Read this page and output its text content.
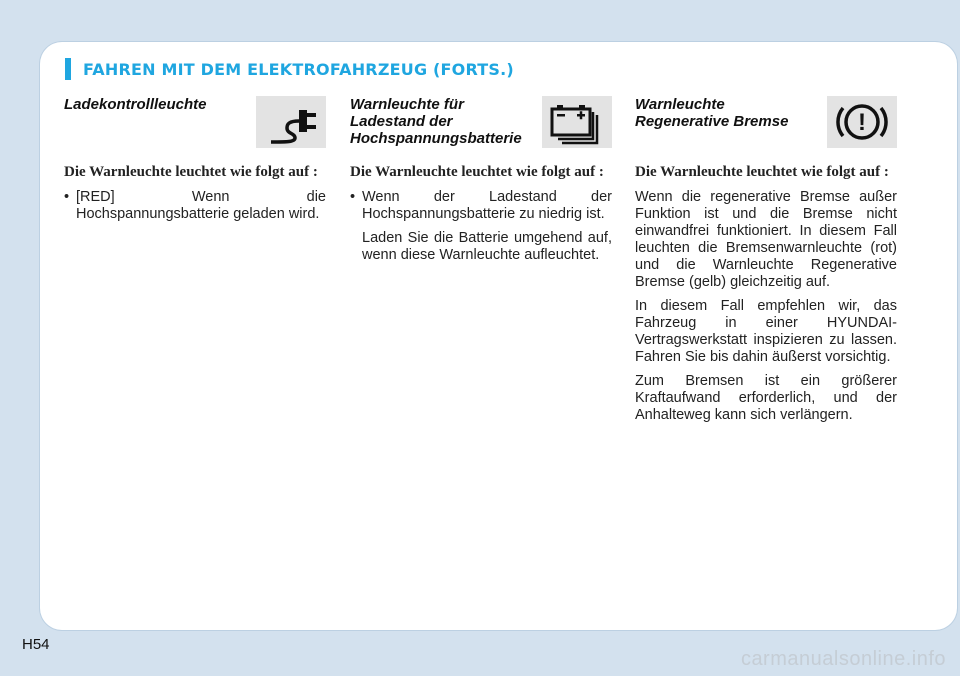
FAHREN MIT DEM ELEKTROFAHRZEUG (FORTS.)
Ladekontrollleuchte
Die Warnleuchte leuchtet wie folgt auf :
• [RED] Wenn die Hochspannungsbatterie geladen wird.
Warnleuchte für Ladestand der Hochspannungsbatterie
Die Warnleuchte leuchtet wie folgt auf :
• Wenn der Ladestand der Hochspannungsbatterie zu niedrig ist.
Laden Sie die Batterie umgehend auf, wenn diese Warnleuchte aufleuchtet.
Warnleuchte Regenerative Bremse	!
Die Warnleuchte leuchtet wie folgt auf :
Wenn die regenerative Bremse außer Funktion ist und die Bremse nicht einwandfrei funktioniert. In diesem Fall leuchten die Bremsenwarnleuchte (rot) und die Warnleuchte Regenerative Bremse (gelb) gleichzeitig auf.
In diesem Fall empfehlen wir, das Fahrzeug in einer HYUNDAI-Vertragswerkstatt inspizieren zu lassen. Fahren Sie bis dahin äußerst vorsichtig.
Zum Bremsen ist ein größerer Kraftaufwand erforderlich, und der Anhalteweg kann sich verlängern.
H54
carmanualsonline.info
